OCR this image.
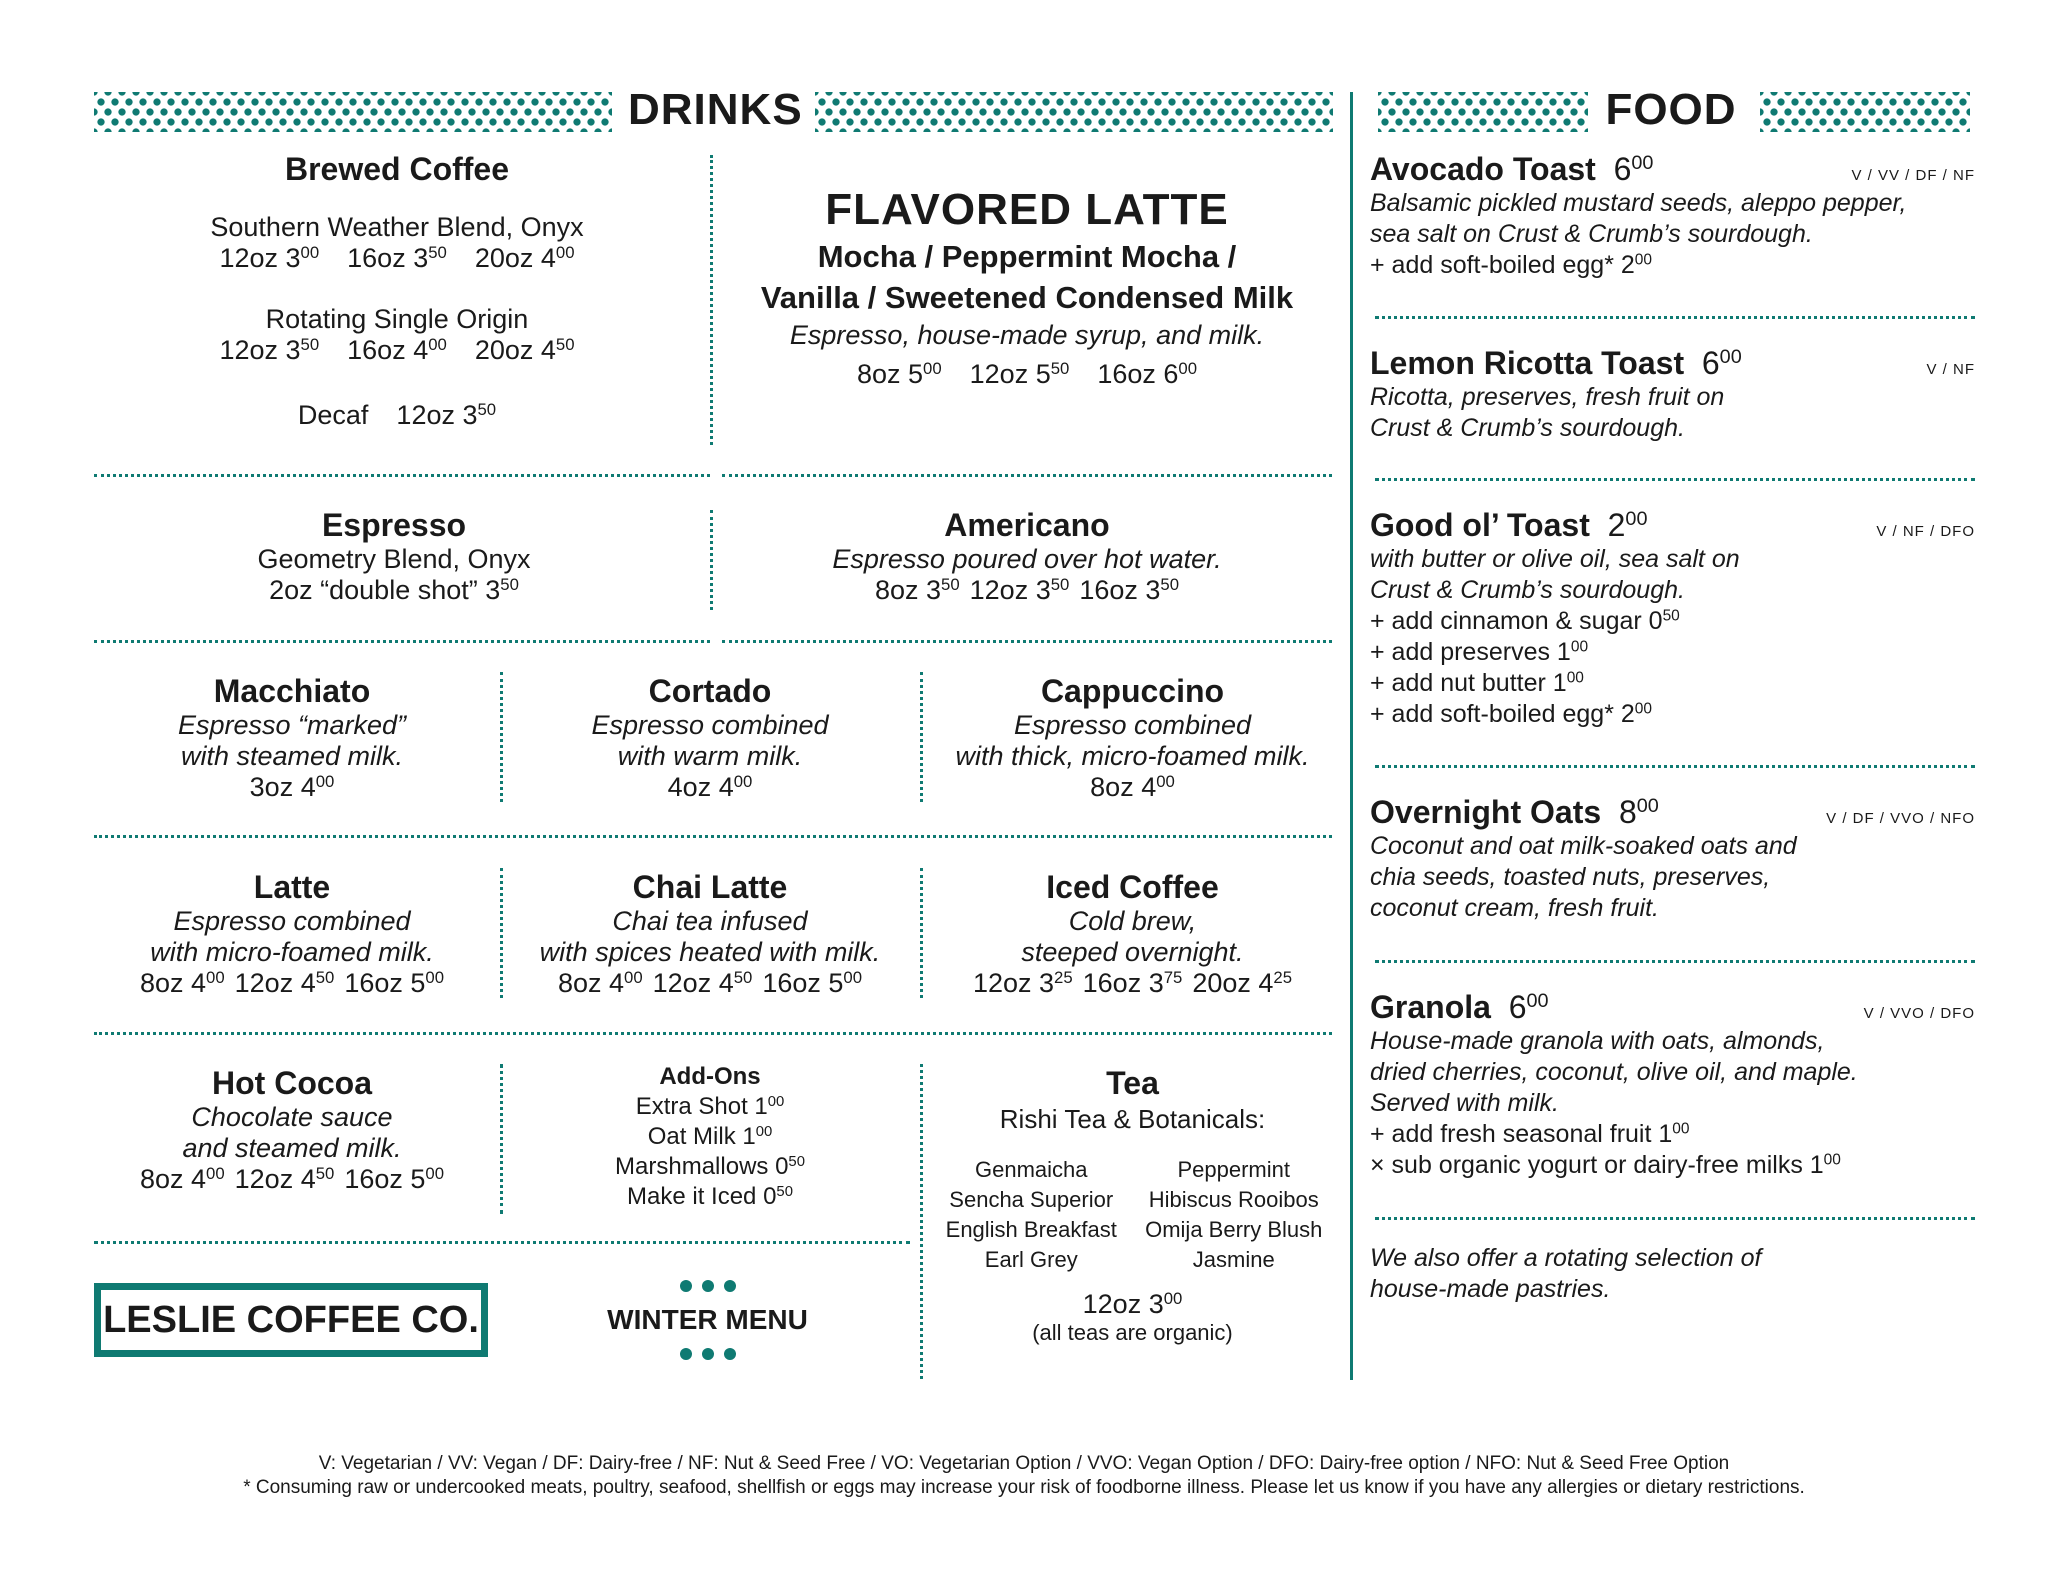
DRINKS	FOOD
Brewed Coffee
Southern Weather Blend, Onyx
12oz $3^{00}$ 16oz $3^{50}$ 20oz $4^{00}$
Rotating Single Origin
12oz $3^{50}$ 16oz $4^{00}$ 20oz $4^{50}$
Decaf 12oz $3^{50}$
FLAVORED LATTE
Mocha / Peppermint Mocha /
Vanilla / Sweetened Condensed Milk
Espresso, house-made syrup, and milk.
8oz $5^{00}$ 12oz $5^{50}$ 16oz $6^{00}$
Espresso
Geometry Blend, Onyx
2oz “double shot” $3^{50}$
Americano
Espresso poured over hot water.
8oz $3^{50}$ 12oz $3^{50}$ 16oz $3^{50}$
Macchiato
Espresso “marked”
with steamed milk.
3oz $4^{00}$
Cortado
Espresso combined
with warm milk.
4oz $4^{00}$
Cappuccino
Espresso combined
with thick, micro-foamed milk.
8oz $4^{00}$
Latte
Espresso combined
with micro-foamed milk.
8oz $4^{00}$ 12oz $4^{50}$ 16oz $5^{00}$
Chai Latte
Chai tea infused
with spices heated with milk.
8oz $4^{00}$ 12oz $4^{50}$ 16oz $5^{00}$
Iced Coffee
Cold brew,
steeped overnight.
12oz $3^{25}$ 16oz $3^{75}$ 20oz $4^{25}$
Hot Cocoa
Chocolate sauce
and steamed milk.
8oz $4^{00}$ 12oz $4^{50}$ 16oz $5^{00}$
Add-Ons
Extra Shot $1^{00}$
Oat Milk $1^{00}$
Marshmallows $0^{50}$
Make it Iced $0^{50}$
Tea
Rishi Tea & Botanicals:
Genmaicha
Sencha Superior
English Breakfast
Earl Grey
Peppermint
Hibiscus Rooibos
Omija Berry Blush
Jasmine
12oz $3^{00}$
(all teas are organic)
LESLIE COFFEE CO.	WINTER MENU
Avocado Toast $6^{00}$
V / VV / DF / NF
Balsamic pickled mustard seeds, aleppo pepper,
sea salt on Crust & Crumb’s sourdough.
+ add soft-boiled egg* $2^{00}$
Lemon Ricotta Toast $6^{00}$
V / NF
Ricotta, preserves, fresh fruit on
Crust & Crumb’s sourdough.
Good ol’ Toast $2^{00}$
V / NF / DFO
with butter or olive oil, sea salt on
Crust & Crumb’s sourdough.
+ add cinnamon & sugar $0^{50}$
+ add preserves $1^{00}$
+ add nut butter $1^{00}$
+ add soft-boiled egg* $2^{00}$
Overnight Oats $8^{00}$
V / DF / VVO / NFO
Coconut and oat milk-soaked oats and
chia seeds, toasted nuts, preserves,
coconut cream, fresh fruit.
Granola $6^{00}$
V / VVO / DFO
House-made granola with oats, almonds,
dried cherries, coconut, olive oil, and maple.
Served with milk.
+ add fresh seasonal fruit $1^{00}$
× sub organic yogurt or dairy-free milks $1^{00}$
We also offer a rotating selection of
house-made pastries.
V: Vegetarian / VV: Vegan / DF: Dairy-free / NF: Nut & Seed Free / VO: Vegetarian Option / VVO: Vegan Option / DFO: Dairy-free option / NFO: Nut & Seed Free Option
* Consuming raw or undercooked meats, poultry, seafood, shellfish or eggs may increase your risk of foodborne illness. Please let us know if you have any allergies or dietary restrictions.
